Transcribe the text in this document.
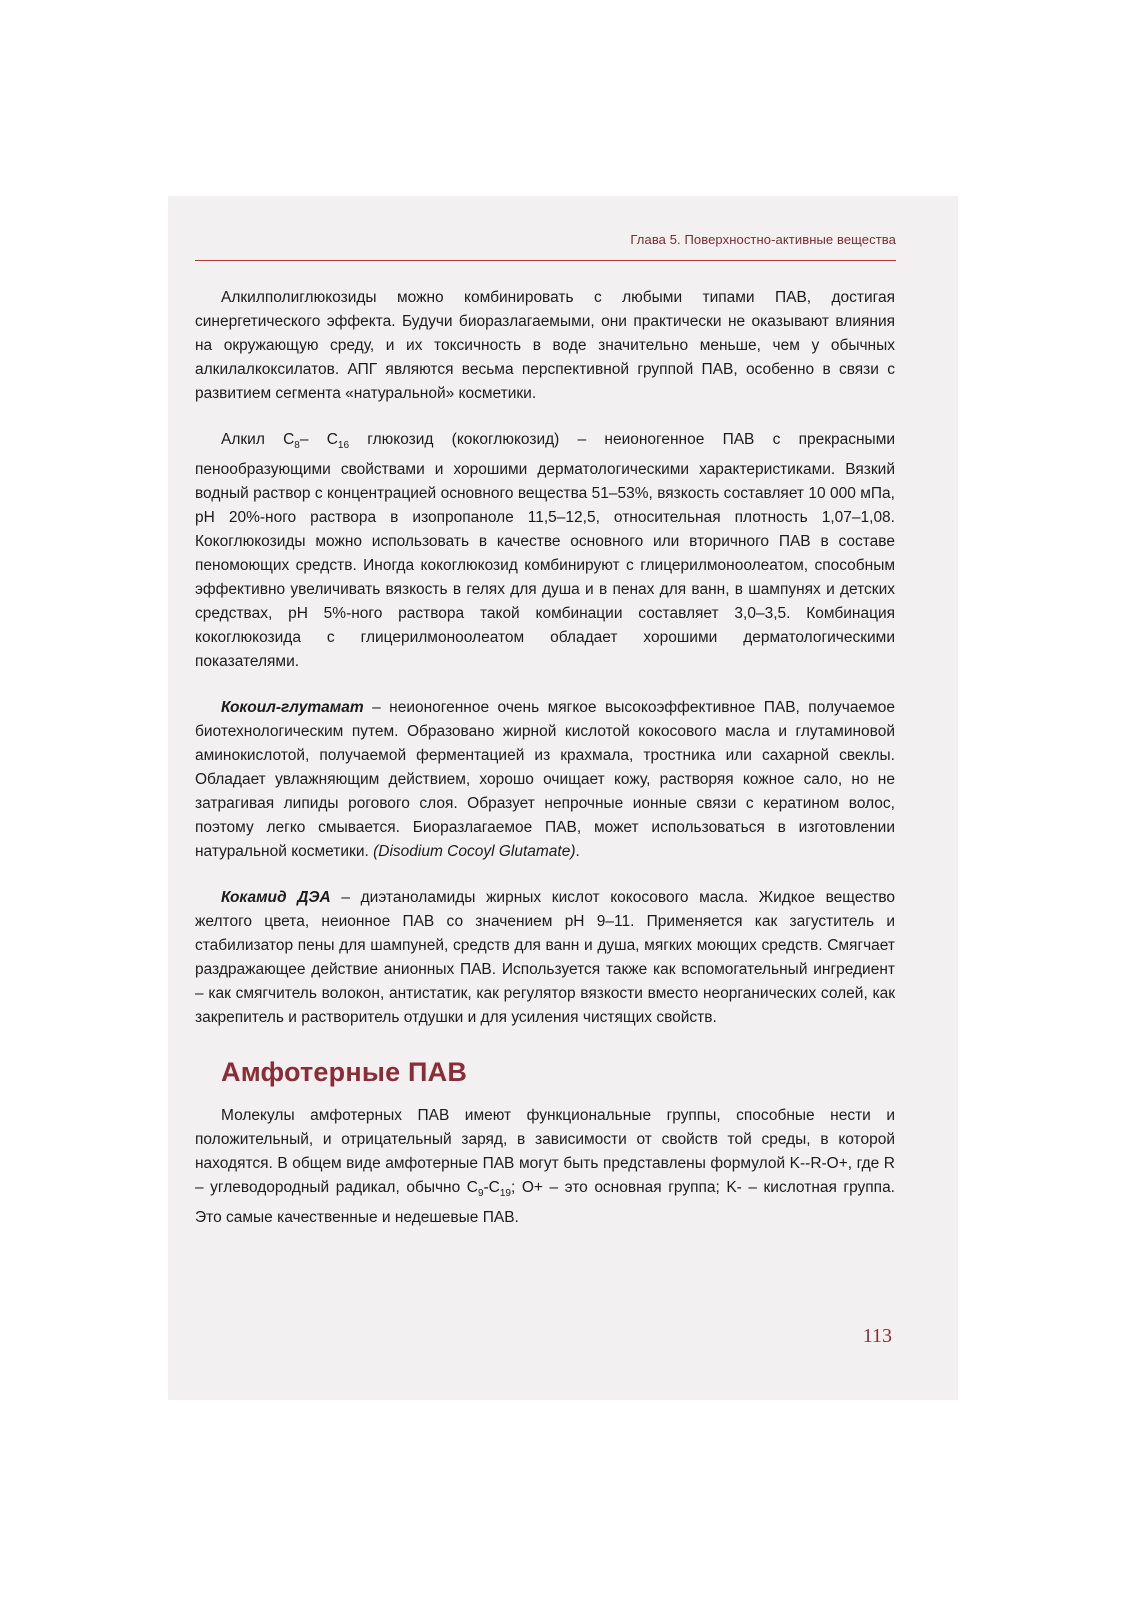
Глава 5. Поверхностно-активные вещества

Алкилполиглюкозиды можно комбинировать с любыми типами ПАВ, достигая синергетического эффекта. Будучи биоразлагаемыми, они практически не оказывают влияния на окружающую среду, и их токсичность в воде значительно меньше, чем у обычных алкилалкоксилатов. АПГ являются весьма перспективной группой ПАВ, особенно в связи с развитием сегмента «натуральной» косметики.

Алкил $C_8-$ $C_{16}$ глюкозид (кокоглюкозид) – неионогенное ПАВ с прекрасными пенообразующими свойствами и хорошими дерматологическими характеристиками. Вязкий водный раствор с концентрацией основного вещества 51–53%, вязкость составляет 10 000 мПа, pH 20%-ного раствора в изопропаноле 11,5–12,5, относительная плотность 1,07–1,08. Кокоглюкозиды можно использовать в качестве основного или вторичного ПАВ в составе пеномоющих средств. Иногда кокоглюкозид комбинируют с глицерилмоноолеатом, способным эффективно увеличивать вязкость в гелях для душа и в пенах для ванн, в шампунях и детских средствах, pH 5%-ного раствора такой комбинации составляет 3,0–3,5. Комбинация кокоглюкозида с глицерилмоноолеатом обладает хорошими дерматологическими показателями.

Кокоил-глутамат – неионогенное очень мягкое высокоэффективное ПАВ, получаемое биотехнологическим путем. Образовано жирной кислотой кокосового масла и глутаминовой аминокислотой, получаемой ферментацией из крахмала, тростника или сахарной свеклы. Обладает увлажняющим действием, хорошо очищает кожу, растворяя кожное сало, но не затрагивая липиды рогового слоя. Образует непрочные ионные связи с кератином волос, поэтому легко смывается. Биоразлагаемое ПАВ, может использоваться в изготовлении натуральной косметики. (Disodium Cocoyl Glutamate).

Кокамид ДЭА – диэтаноламиды жирных кислот кокосового масла. Жидкое вещество желтого цвета, неионное ПАВ со значением pH 9–11. Применяется как загуститель и стабилизатор пены для шампуней, средств для ванн и душа, мягких моющих средств. Смягчает раздражающее действие анионных ПАВ. Используется также как вспомогательный ингредиент – как смягчитель волокон, антистатик, как регулятор вязкости вместо неорганических солей, как закрепитель и растворитель отдушки и для усиления чистящих свойств.

Амфотерные ПАВ

Молекулы амфотерных ПАВ имеют функциональные группы, способные нести и положительный, и отрицательный заряд, в зависимости от свойств той среды, в которой находятся. В общем виде амфотерные ПАВ могут быть представлены формулой K--R-O+, где R – углеводородный радикал, обычно $C_9-C_{19}$; O+ – это основная группа; K- – кислотная группа. Это самые качественные и недешевые ПАВ.

113
